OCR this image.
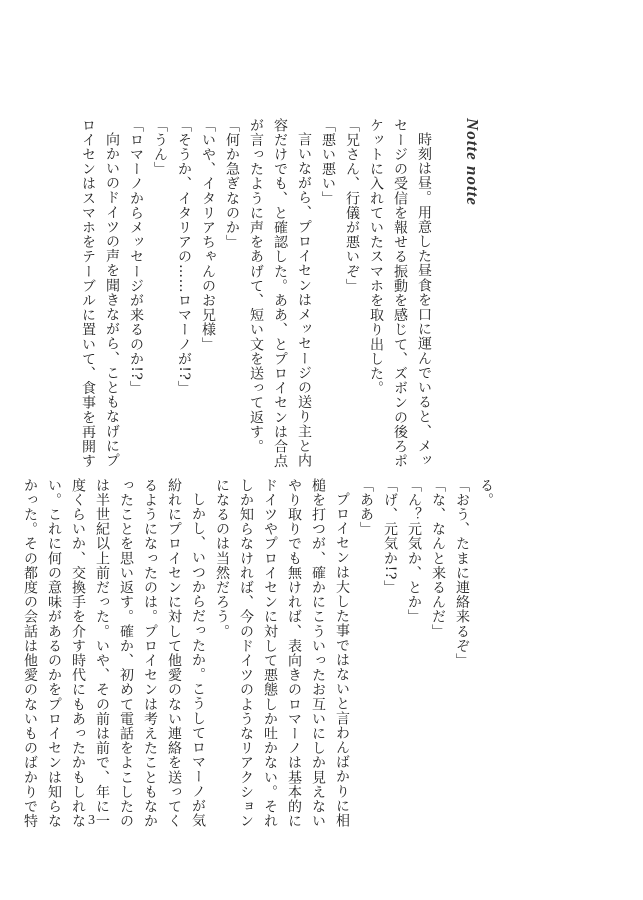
Notte notte

時刻は昼。用意した昼食を口に運んでいると、メッ

セージの受信を報せる振動を感じて、ズボンの後ろポ

ケットに入れていたスマホを取り出した。

「兄さん、行儀が悪いぞ」

「悪い悪い」

言いながら、プロイセンはメッセージの送り主と内

容だけでも、と確認した。ああ、とプロイセンは合点

が言ったように声をあげて、短い文を送って返す。

「何か急ぎなのか」

「いや、イタリアちゃんのお兄様」

「そうか、イタリアの……ロマーノが!?」

「うん」

「ロマーノからメッセージが来るのか!?」

向かいのドイツの声を聞きながら、こともなげにプ

ロイセンはスマホをテーブルに置いて、食事を再開す

る。

「おう、たまに連絡来るぞ」

「な、なんと来るんだ」

「ん？元気か、とか」

「げ、元気か!?」

「ああ」

プロイセンは大した事ではないと言わんばかりに相

槌を打つが、確かにこういったお互いにしか見えない

やり取りでも無ければ、表向きのロマーノは基本的に

ドイツやプロイセンに対して悪態しか吐かない。それ

しか知らなければ、今のドイツのようなリアクション

になるのは当然だろう。

しかし、いつからだったか。こうしてロマーノが気

紛れにプロイセンに対して他愛のない連絡を送ってく

るようになったのは。プロイセンは考えたこともなか

ったことを思い返す。確か、初めて電話をよこしたの

は半世紀以上前だった。いや、その前は前で、年に一

度くらいか、交換手を介す時代にもあったかもしれな

い。これに何の意味があるのかをプロイセンは知らな

かった。その都度の会話は他愛のないものばかりで特	3
